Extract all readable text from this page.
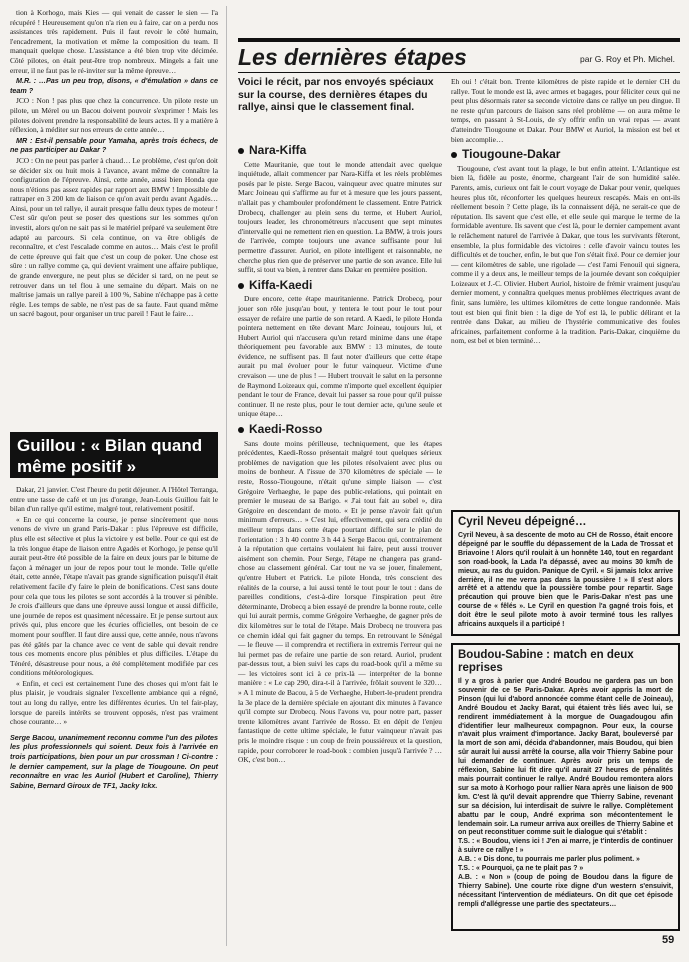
tion à Korhogo, mais Kies — qui venait de casser le sien — l'a récupéré ! Heureusement qu'on n'a rien eu à faire, car on a perdu nos assistances très rapidement. Puis il faut revoir le côté humain, l'encadrement, la motivation et même la composition du team. Il manquait quelque chose. L'assistance a été bien trop vite décimée. Côté pilotes, on était peut-être trop nombreux. Mingels a fait une erreur, il ne faut pas le ré-inviter sur la même épreuve…

M.R. : …Pas un peu trop, disons, « d'émulation » dans ce team ?

JCO : Non ! pas plus que chez la concurrence. Un pilote reste un pilote, un Mérel ou un Bacou doivent pouvoir s'exprimer ! Mais les pilotes doivent prendre la responsabilité de leurs actes. Il y a matière à réflexion, à méditer sur nos erreurs de cette année…

MR : Est-il pensable pour Yamaha, après trois échecs, de ne pas participer au Dakar ?

JCO : On ne peut pas parler à chaud… Le problème, c'est qu'on doit se décider six ou huit mois à l'avance, avant même de connaître la configuration de l'épreuve. Ainsi, cette année, aussi bien Honda que nous n'étions pas assez rapides par rapport aux BMW ! Impossible de rattraper en 3 200 km de liaison ce qu'on avait perdu avant Agadès… Ainsi, pour un tel rallye, il aurait presque fallu deux types de moteur ! C'est sûr qu'on peut se poser des questions sur les sommes qu'on investit, alors qu'on ne sait pas si le matériel préparé va seulement être adapté au parcours. Si cela continue, on va être obligés de reconnaître, et c'est l'escalade comme en autos… Mais c'est le profil de cette épreuve qui fait que c'est un coup de poker. Une chose est sûre : un rallye comme ça, qui devient vraiment une affaire publique, de grande envergure, ne peut plus se décider si tard, on ne peut se retrouver dans un tel flou à une semaine du départ. Mais on ne maîtrise jamais un rallye pareil à 100 %, Sabine n'échappe pas à cette règle. Les temps de sable, ne n'est pas de sa faute. Faut quand même un sacré bagout, pour organiser un truc pareil ! Faut le faire…

Guillou : « Bilan quand même positif »

Dakar, 21 janvier. C'est l'heure du petit déjeuner. A l'Hôtel Terranga, entre une tasse de café et un jus d'orange, Jean-Louis Guillou fait le bilan d'un rallye qu'il estime, malgré tout, relativement positif.

« En ce qui concerne la course, je pense sincèrement que nous venons de vivre un grand Paris-Dakar : plus l'épreuve est difficile, plus elle est sélective et plus la victoire y est belle. Pour ce qui est de la très longue étape de liaison entre Agadès et Korhogo, je pense qu'il aurait peut-être été possible de la faire en deux jours par le bitume de façon à ménager un jour de repos pour tout le monde. Telle qu'elle était, cette année, l'étape n'avait pas grande signification puisqu'il était relativement facile d'y faire le plein de bonifications. C'est sans doute pour cela que tous les pilotes se sont accordés à la trouver si pénible. Je crois d'ailleurs que dans une épreuve aussi longue et aussi difficile, une journée de repos est quasiment nécessaire. Et je pense surtout aux privés qui, plus encore que les écuries officielles, ont besoin de ce moment pour souffler. Il faut dire aussi que, cette année, nous n'avons pas été gâtés par la chance avec ce vent de sable qui devait rendre tous ces moments encore plus pénibles et plus difficiles. L'étape du Ténéré, désastreuse pour nous, a été complètement modifiée par ces conditions météorologiques.

« Enfin, et ceci est certainement l'une des choses qui m'ont fait le plus plaisir, je voudrais signaler l'excellente ambiance qui a régné, tout au long du rallye, entre les différentes écuries. Un tel fair-play, lorsque de pareils intérêts se trouvent opposés, n'est pas vraiment chose courante… »

Serge Bacou, unanimement reconnu comme l'un des pilotes les plus professionnels qui soient. Deux fois à l'arrivée en trois participations, bien pour un pur crossman ! Ci-contre : le dernier campement, sur la plage de Tiougoune. On peut reconnaître en vrac les Auriol (Hubert et Caroline), Thierry Sabine, Bernard Giroux de TF1, Jacky Ickx.

Les dernières étapes	par G. Roy et Ph. Michel.
Voici le récit, par nos envoyés spéciaux sur la course, des dernières étapes du rallye, ainsi que le classement final.
Nara-Kiffa

Cette Mauritanie, que tout le monde attendait avec quelque inquiétude, allait commencer par Nara-Kiffa et les réels problèmes posés par le piste. Serge Bacou, vainqueur avec quatre minutes sur Marc Joineau qui s'affirme au fur et à mesure que les jours passent, n'allait pas y chambouler profondément le classement. Entre Patrick Drobecq, challenger au plein sens du terme, et Hubert Auriol, toujours leader, les chronométreurs n'accusent que sept minutes d'intervalle qui ne remettent rien en question. La BMW, à trois jours de l'arrivée, compte toujours une avance suffisante pour lui permettre d'assurer. Auriol, en pilote intelligent et raisonnable, ne cherche plus rien que de préserver une partie de son avance. Elle lui suffit, si tout va bien, à rentrer dans Dakar en première position.

Kiffa-Kaedi

Dure encore, cette étape mauritanienne. Patrick Drobecq, pour jouer son rôle jusqu'au bout, y tentera le tout pour le tout pour essayer de refaire une partie de son retard. A Kaedi, le pilote Honda pointera nettement en tête devant Marc Joineau, toujours lui, et Hubert Auriol qui n'accusera qu'un retard minime dans une étape théoriquement peu favorable aux BMW : 13 minutes, de toute évidence, ne suffisent pas. Il faut noter d'ailleurs que cette étape aurait pu mal évoluer pour le futur vainqueur. Victime d'une crevaison — une de plus ! — Hubert trouvait le salut en la personne de Raymond Loizeaux qui, comme n'importe quel excellent équipier pendant le tour de France, devait lui passer sa roue pour qu'il puisse continuer. Il ne reste plus, pour le tout dernier acte, qu'une seule et unique étape…

Kaedi-Rosso

Sans doute moins périlleuse, techniquement, que les étapes précédentes, Kaedi-Rosso présentait malgré tout quelques sérieux problèmes de navigation que les pilotes résolvaient avec plus ou moins de bonheur. A l'issue de 370 kilomètres de spéciale — le reste, Rosso-Tiougoune, n'était qu'une simple liaison — c'est Grégoire Verhaeghe, le pape des public-relations, qui pointait en premier le museau de sa Barigo. « J'ai tout fait au sobel », dira Grégoire en descendant de moto. « Et je pense n'avoir fait qu'un minimum d'erreurs… » C'est lui, effectivement, qui sera crédité du meilleur temps dans cette étape pourtant difficile sur le plan de l'orientation : 3 h 40 contre 3 h 44 à Serge Bacou qui, contrairement à la réputation que certains voulaient lui faire, peut aussi trouver aisément son chemin. Pour Serge, l'étape ne changera pas grand-chose au classement général. Car tout ne va se jouer, finalement, qu'entre Hubert et Patrick. Le pilote Honda, très conscient des réalités de la course, a lui aussi tenté le tout pour le tout : dans de pareilles conditions, c'est-à-dire lorsque l'inspiration peut être déterminante, Drobecq a bien essayé de prendre la bonne route, celle qui lui aurait permis, comme Grégoire Verhaeghe, de gagner près de dix kilomètres sur le total de l'étape. Mais Drobecq ne trouvera pas ce chemin idéal qui fait gagner du temps. En retrouvant le Sénégal — le fleuve — il comprendra et rectifiera in extremis l'erreur qui ne lui permet pas de refaire une partie de son retard. Auriol, prudent par-dessus tout, a bien suivi les caps du road-book qu'il a même su — les victoires sont ici à ce prix-là — interpréter de la bonne manière : « Le cap 290, dira-t-il à l'arrivée, frôlait souvent le 320… » A 1 minute de Bacou, à 5 de Verhaeghe, Hubert-le-prudent prendra la 3e place de la dernière spéciale en ajoutant dix minutes à l'avance qu'il compte sur Drobecq. Nous l'avons vu, pour notre part, passer trente kilomètres avant l'arrivée de Rosso. Et en dépit de l'enjeu fantastique de cette ultime spéciale, le futur vainqueur n'avait pas pris le moindre risque : un coup de frein poussiéreux et la question, rapide, pour corroborer le road-book : combien jusqu'à l'arrivée ? … OK, c'est bon…

Eh oui ! c'était bon. Trente kilomètres de piste rapide et le dernier CH du rallye. Tout le monde est là, avec armes et bagages, pour féliciter ceux qui ne peut plus désormais rater sa seconde victoire dans ce rallye un peu dingue. Il ne reste qu'un parcours de liaison sans réel problème — on aura même le temps, en passant à St-Louis, de s'y offrir enfin un vrai repas — avant d'atteindre Tiougoune et Dakar. Pour BMW et Auriol, la mission est bel et bien accomplie…

Tiougoune-Dakar

Tiougoune, c'est avant tout la plage, le but enfin atteint. L'Atlantique est bien là, fidèle au poste, énorme, chargeant l'air de son humidité salée. Parents, amis, curieux ont fait le court voyage de Dakar pour venir, quelques heures plus tôt, réconforter les quelques heureux rescapés. Mais en ont-ils réellement besoin ? Cette plage, ils la connaissent déjà, ne serait-ce que de réputation. Ils savent que c'est elle, et elle seule qui marque le terme de la formidable aventure. Ils savent que c'est là, pour le dernier campement avant le relâchement naturel de l'arrivée à Dakar, que tous les survivants fêteront, ensemble, la plus formidable des victoires : celle d'avoir vaincu toutes les difficultés et de toucher, enfin, le but que l'on s'était fixé. Pour ce dernier jour — cent kilomètres de sable, une rigolade — c'est l'ami Fenouil qui signera, comme il y a deux ans, le meilleur temps de la journée devant son coéquipier Loizeaux et J.-C. Olivier. Hubert Auriol, histoire de frémir vraiment jusqu'au dernier moment, y connaîtra quelques menus problèmes électriques avant de finir, sans lumière, les ultimes kilomètres de cette longue randonnée. Mais tout est bien qui finit bien : la dige de Yof est là, le public délirant et la rentrée dans Dakar, au milieu de l'hystérie communicative des foules africaines, parfaitement conforme à la tradition. Paris-Dakar, cinquième du nom, est bel et bien terminé…

Cyril Neveu dépeigné…

Cyril Neveu, à sa descente de moto au CH de Rosso, était encore dépeigné par le souffle du dépassement de la Lada de Trossat et Briavoine ! Alors qu'il roulait à un honnête 140, tout en regardant son road-book, la Lada l'a dépassé, avec au moins 30 km/h de mieux, au ras du guidon. Panique de Cyril. « Si jamais Ickx arrive derrière, il ne me verra pas dans la poussière ! » Il s'est alors arrêté et a attendu que la poussière tombe pour repartir. Sage précaution qui prouve bien que le Paris-Dakar n'est pas une course de « fêlés ». Le Cyril en question l'a gagné trois fois, et doit être le seul pilote moto à avoir terminé tous les rallyes africains auxquels il a participé !

Boudou-Sabine : match en deux reprises

Il y a gros à parier que André Boudou ne gardera pas un bon souvenir de ce 5e Paris-Dakar. Après avoir appris la mort de Pinson (qui lui d'abord annoncée comme étant celle de Joineau), André Boudou et Jacky Barat, qui étaient très liés avec lui, se rendirent immédiatement à la morgue de Ouagadougou afin d'identifier leur malheureux compagnon. Pour eux, la course n'avait plus vraiment d'importance. Jacky Barat, bouleversé par la mort de son ami, décida d'abandonner, mais Boudou, qui bien sûr aurait lui aussi arrêté la course, alla voir Thierry Sabine pour lui demander de continuer. Après avoir pris un temps de réflexion, Sabine lui fit dire qu'il aurait 27 heures de pénalités mais pourrait continuer le rallye. André Boudou remontera alors sur sa moto à Korhogo pour rallier Nara après une liaison de 900 km. C'est là qu'il devait apprendre que Thierry Sabine, revenant sur sa décision, lui interdisait de suivre le rallye. Complètement abattu par le coup, André exprima son mécontentement le lendemain soir. La rumeur arriva aux oreilles de Thierry Sabine et on peut reconstituer comme suit le dialogue qui s'établit :

T.S. : « Boudou, viens ici ! J'en ai marre, je t'interdis de continuer à suivre ce rallye ! »

A.B. : « Dis donc, tu pourrais me parler plus poliment. »

T.S. : « Pourquoi, ça ne te plait pas ? »

A.B. : « Non » (coup de poing de Boudou dans la figure de Thierry Sabine). Une courte rixe digne d'un western s'ensuivit, nécessitant l'intervention de médiateurs. On dit que cet épisode rempli d'allégresse une partie des spectateurs…

59
